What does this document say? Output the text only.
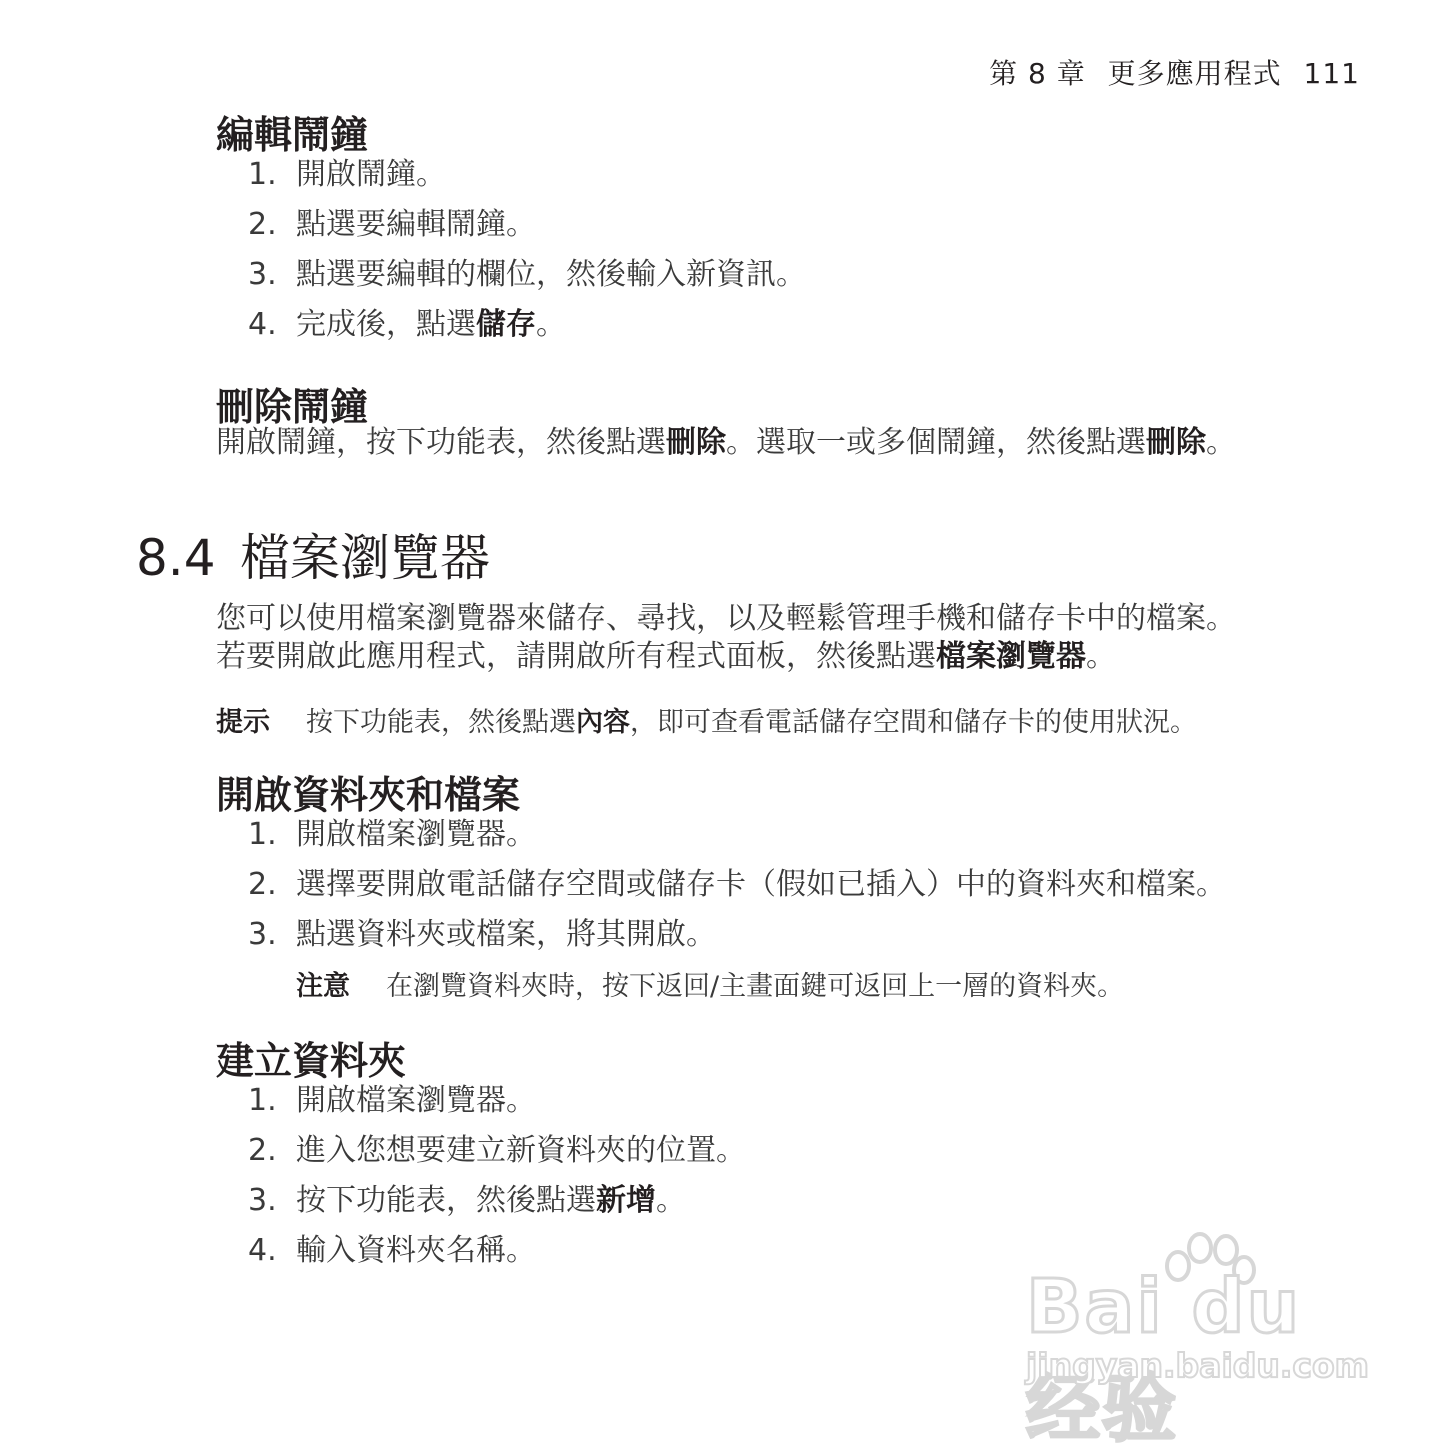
第 8 章 更多應用程式 111
編輯鬧鐘
1. 開啟鬧鐘。
2. 點選要編輯鬧鐘。
3. 點選要編輯的欄位，然後輸入新資訊。
4. 完成後，點選儲存。
刪除鬧鐘

開啟鬧鐘，按下功能表，然後點選刪除。選取一或多個鬧鐘，然後點選刪除。

8.4 檔案瀏覽器

您可以使用檔案瀏覽器來儲存、尋找，以及輕鬆管理手機和儲存卡中的檔案。

若要開啟此應用程式，請開啟所有程式面板，然後點選檔案瀏覽器。

提示 按下功能表，然後點選內容，即可查看電話儲存空間和儲存卡的使用狀況。
開啟資料夾和檔案
1. 開啟檔案瀏覽器。
2. 選擇要開啟電話儲存空間或儲存卡（假如已插入）中的資料夾和檔案。
3. 點選資料夾或檔案，將其開啟。
注意 在瀏覽資料夾時，按下返回/主畫面鍵可返回上一層的資料夾。
建立資料夾
1. 開啟檔案瀏覽器。
2. 進入您想要建立新資料夾的位置。
3. 按下功能表，然後點選新增。
4. 輸入資料夾名稱。
Bai du 经验
jingyan.baidu.com
